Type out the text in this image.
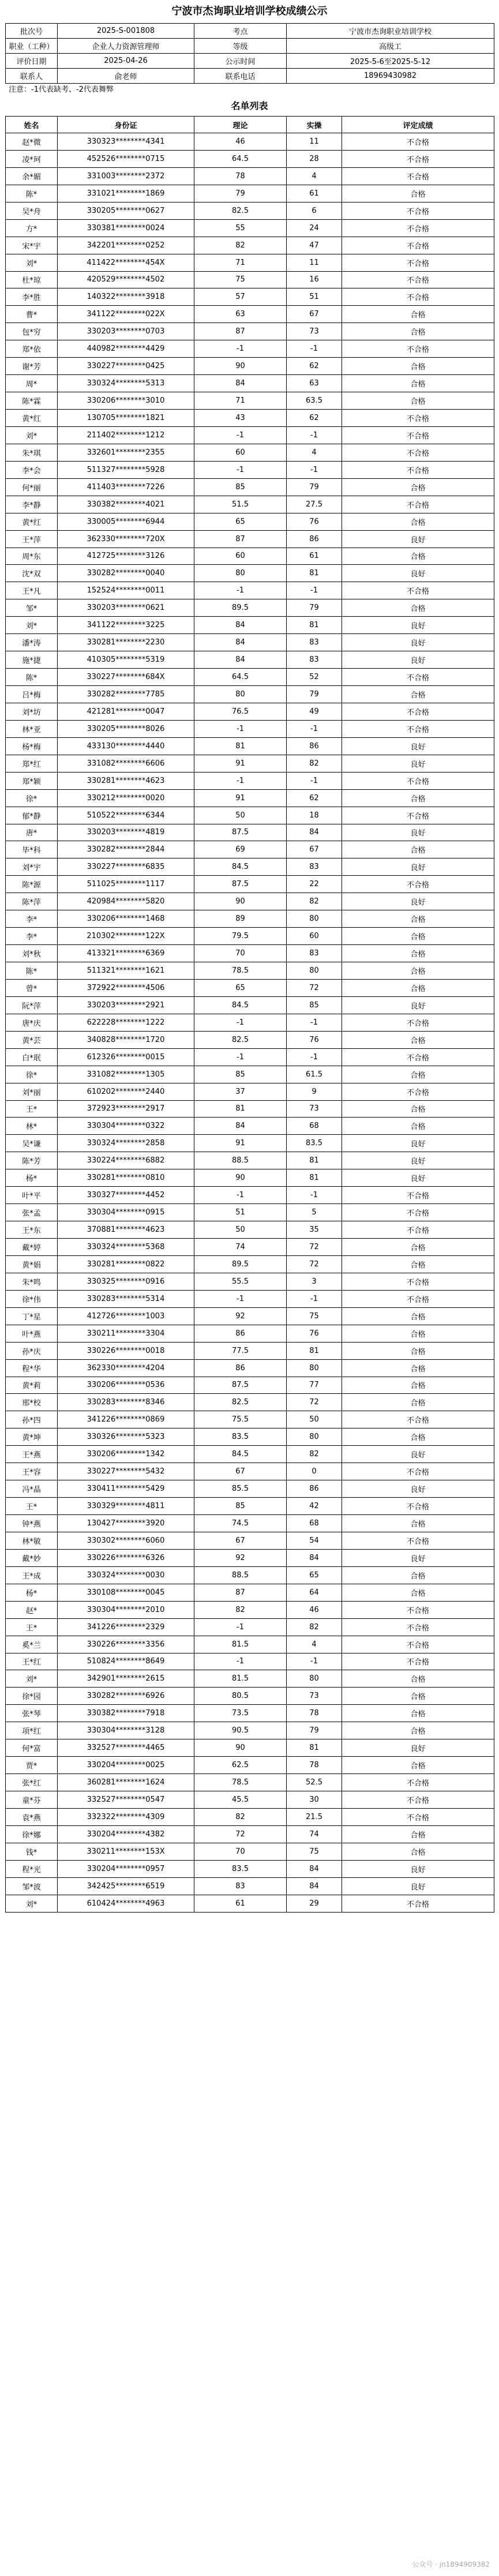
宁波市杰询职业培训学校成绩公示
批次号	2025-S-001808	考点	宁波市杰询职业培训学校
职业（工种）	企业人力资源管理师	等级	高级工
评价日期	2025-04-26	公示时间	2025-5-6至2025-5-12
联系人	俞老师	联系电话	18969430982
注意：-1代表缺考、-2代表舞弊
名单列表
姓名	身份证	理论	实操	评定成绩
赵*微	330323********4341	46	11	不合格
凌*珂	452526********0715	64.5	28	不合格
余*媚	331003********2372	78	4	不合格
陈*	331021********1869	79	61	合格
吴*舟	330205********0627	82.5	6	不合格
方*	330381********0024	55	24	不合格
宋*宇	342201********0252	82	47	不合格
刘*	411422********454X	71	11	不合格
杜*琼	420529********4502	75	16	不合格
李*胜	140322********3918	57	51	不合格
曹*	341122********022X	63	67	合格
包*穷	330203********0703	87	73	合格
郑*依	440982********4429	-1	-1	不合格
谢*芳	330227********0425	90	62	合格
周*	330324********5313	84	63	合格
陈*霖	330206********3010	71	63.5	合格
黄*红	130705********1821	43	62	不合格
刘*	211402********1212	-1	-1	不合格
朱*琪	332601********2355	60	4	不合格
李*会	511327********5928	-1	-1	不合格
何*丽	411403********7226	85	79	合格
李*静	330382********4021	51.5	27.5	不合格
黄*红	330005********6944	65	76	合格
王*萍	362330********720X	87	86	良好
周*东	412725********3126	60	61	合格
沈*双	330282********0040	80	81	良好
王*凡	152524********0011	-1	-1	不合格
邹*	330203********0621	89.5	79	合格
刘*	341122********3225	84	81	良好
潘*涛	330281********2230	84	83	良好
施*捷	410305********5319	84	83	良好
陈*	330227********684X	64.5	52	不合格
吕*梅	330282********7785	80	79	合格
刘*坊	421281********0047	76.5	49	不合格
林*亚	330205********8026	-1	-1	不合格
杨*梅	433130********4440	81	86	良好
郑*红	331082********6606	91	82	良好
郑*颖	330281********4623	-1	-1	不合格
徐*	330212********0020	91	62	合格
郁*静	510522********6344	50	18	不合格
唐*	330203********4819	87.5	84	良好
毕*科	330282********2844	69	67	合格
刘*宇	330227********6835	84.5	83	良好
陈*源	511025********1117	87.5	22	不合格
陈*萍	420984********5820	90	82	良好
李*	330206********1468	89	80	合格
李*	210302********122X	79.5	60	合格
刘*秋	413321********6369	70	83	合格
陈*	511321********1621	78.5	80	合格
曾*	372922********4506	65	72	合格
阮*萍	330203********2921	84.5	85	良好
唐*庆	622228********1222	-1	-1	不合格
黄*芸	340828********1720	82.5	76	合格
白*珉	612326********0015	-1	-1	不合格
徐*	331082********1305	85	61.5	合格
刘*丽	610202********2440	37	9	不合格
王*	372923********2917	81	73	合格
林*	330304********0322	84	68	合格
吴*谦	330324********2858	91	83.5	良好
陈*芳	330224********6882	88.5	81	良好
杨*	330281********0810	90	81	良好
叶*平	330327********4452	-1	-1	不合格
张*孟	330304********0915	51	5	不合格
王*东	370881********4623	50	35	不合格
戴*婷	330324********5368	74	72	合格
黄*娟	330281********0822	89.5	72	合格
朱*鸣	330325********0916	55.5	3	不合格
徐*伟	330283********5314	-1	-1	不合格
丁*星	412726********1003	92	75	合格
叶*燕	330211********3304	86	76	合格
孙*庆	330226********0018	77.5	81	合格
程*华	362330********4204	86	80	合格
黄*莉	330206********0536	87.5	77	合格
邢*校	330283********8346	82.5	72	合格
孙*四	341226********0869	75.5	50	不合格
黄*坤	330326********5323	83.5	80	合格
王*燕	330206********1342	84.5	82	良好
王*容	330227********5432	67	0	不合格
冯*晶	330411********5429	85.5	86	良好
王*	330329********4811	85	42	不合格
钟*燕	130427********3920	74.5	68	合格
林*敏	330302********6060	67	54	不合格
戴*妙	330226********6326	92	84	良好
王*成	330324********0030	88.5	65	合格
杨*	330108********0045	87	64	合格
赵*	330304********2010	82	46	不合格
王*	341226********2329	-1	82	不合格
奚*兰	330226********3356	81.5	4	不合格
王*红	510824********8649	-1	-1	不合格
刘*	342901********2615	81.5	80	合格
徐*园	330282********6926	80.5	73	合格
张*琴	330382********7918	73.5	78	合格
项*红	330304********3128	90.5	79	合格
何*富	332527********4465	90	81	良好
贾*	330204********0025	62.5	78	合格
张*红	360281********1624	78.5	52.5	不合格
童*芬	332527********0547	45.5	30	不合格
袁*燕	332322********4309	82	21.5	不合格
徐*娜	330204********4382	72	74	合格
钱*	330211********153X	70	75	合格
程*光	330204********0957	83.5	84	良好
邹*波	342425********6519	83	84	良好
刘*	610424********4963	61	29	不合格
公众号 · jn1894909382
